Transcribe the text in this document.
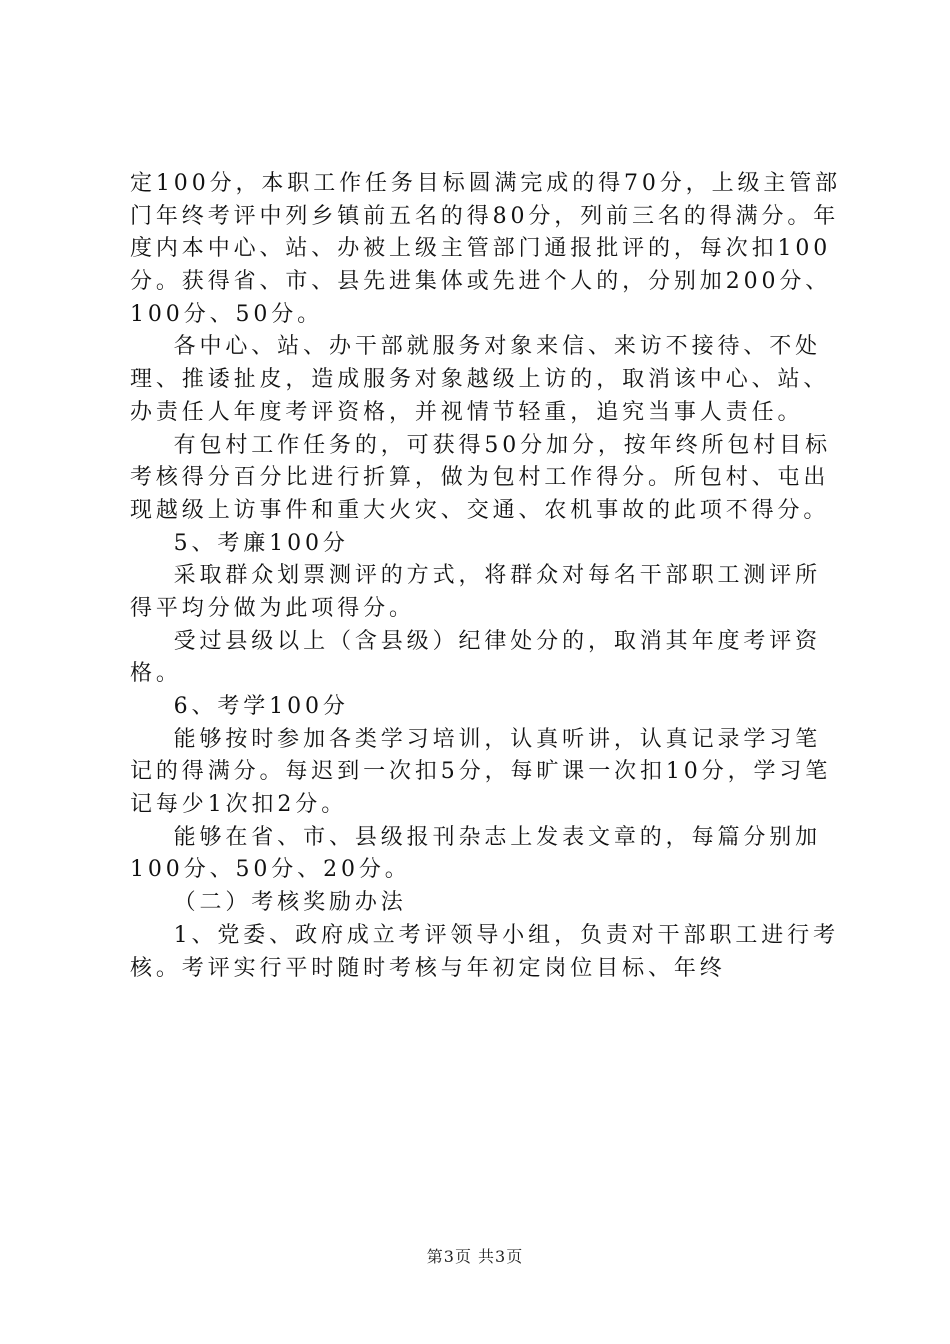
定100分，本职工作任务目标圆满完成的得70分，上级主管部
门年终考评中列乡镇前五名的得80分，列前三名的得满分。年
度内本中心、站、办被上级主管部门通报批评的，每次扣100
分。获得省、市、县先进集体或先进个人的，分别加200分、
100分、50分。
各中心、站、办干部就服务对象来信、来访不接待、不处
理、推诿扯皮，造成服务对象越级上访的，取消该中心、站、
办责任人年度考评资格，并视情节轻重，追究当事人责任。
有包村工作任务的，可获得50分加分，按年终所包村目标
考核得分百分比进行折算，做为包村工作得分。所包村、屯出
现越级上访事件和重大火灾、交通、农机事故的此项不得分。
5、考廉100分
采取群众划票测评的方式，将群众对每名干部职工测评所
得平均分做为此项得分。
受过县级以上（含县级）纪律处分的，取消其年度考评资
格。
6、考学100分
能够按时参加各类学习培训，认真听讲，认真记录学习笔
记的得满分。每迟到一次扣5分，每旷课一次扣10分，学习笔
记每少1次扣2分。
能够在省、市、县级报刊杂志上发表文章的，每篇分别加
100分、50分、20分。
（二）考核奖励办法
1、党委、政府成立考评领导小组，负责对干部职工进行考
核。考评实行平时随时考核与年初定岗位目标、年终
第3页 共3页
